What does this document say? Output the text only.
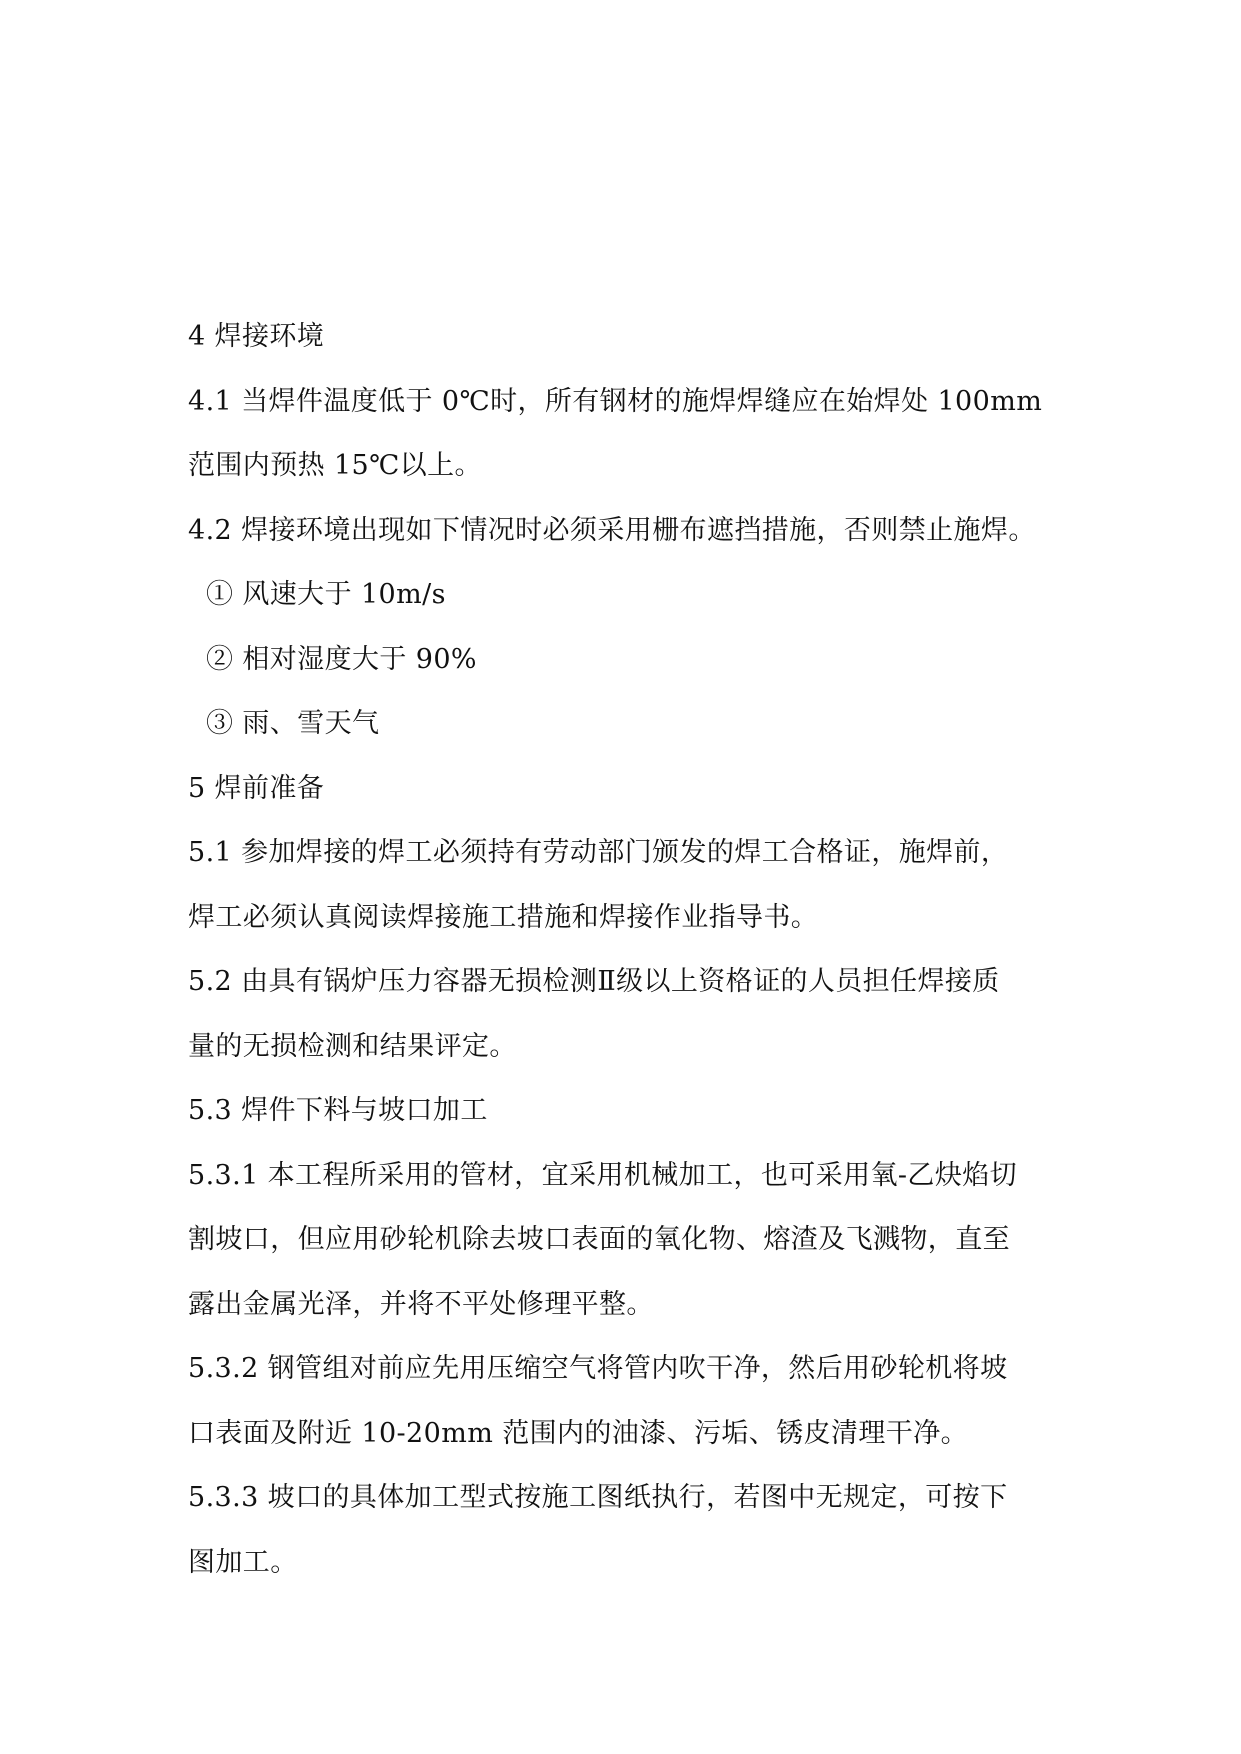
4 焊接环境
4.1 当焊件温度低于 0℃时，所有钢材的施焊焊缝应在始焊处 100mm
范围内预热 15℃以上。
4.2 焊接环境出现如下情况时必须采用栅布遮挡措施，否则禁止施焊。
① 风速大于 10m/s
② 相对湿度大于 90%
③ 雨、雪天气
5 焊前准备
5.1 参加焊接的焊工必须持有劳动部门颁发的焊工合格证，施焊前，
焊工必须认真阅读焊接施工措施和焊接作业指导书。
5.2 由具有锅炉压力容器无损检测Ⅱ级以上资格证的人员担任焊接质
量的无损检测和结果评定。
5.3 焊件下料与坡口加工
5.3.1 本工程所采用的管材，宜采用机械加工，也可采用氧-乙炔焰切
割坡口，但应用砂轮机除去坡口表面的氧化物、熔渣及飞溅物，直至
露出金属光泽，并将不平处修理平整。
5.3.2 钢管组对前应先用压缩空气将管内吹干净，然后用砂轮机将坡
口表面及附近 10-20mm 范围内的油漆、污垢、锈皮清理干净。
5.3.3 坡口的具体加工型式按施工图纸执行，若图中无规定，可按下
图加工。
